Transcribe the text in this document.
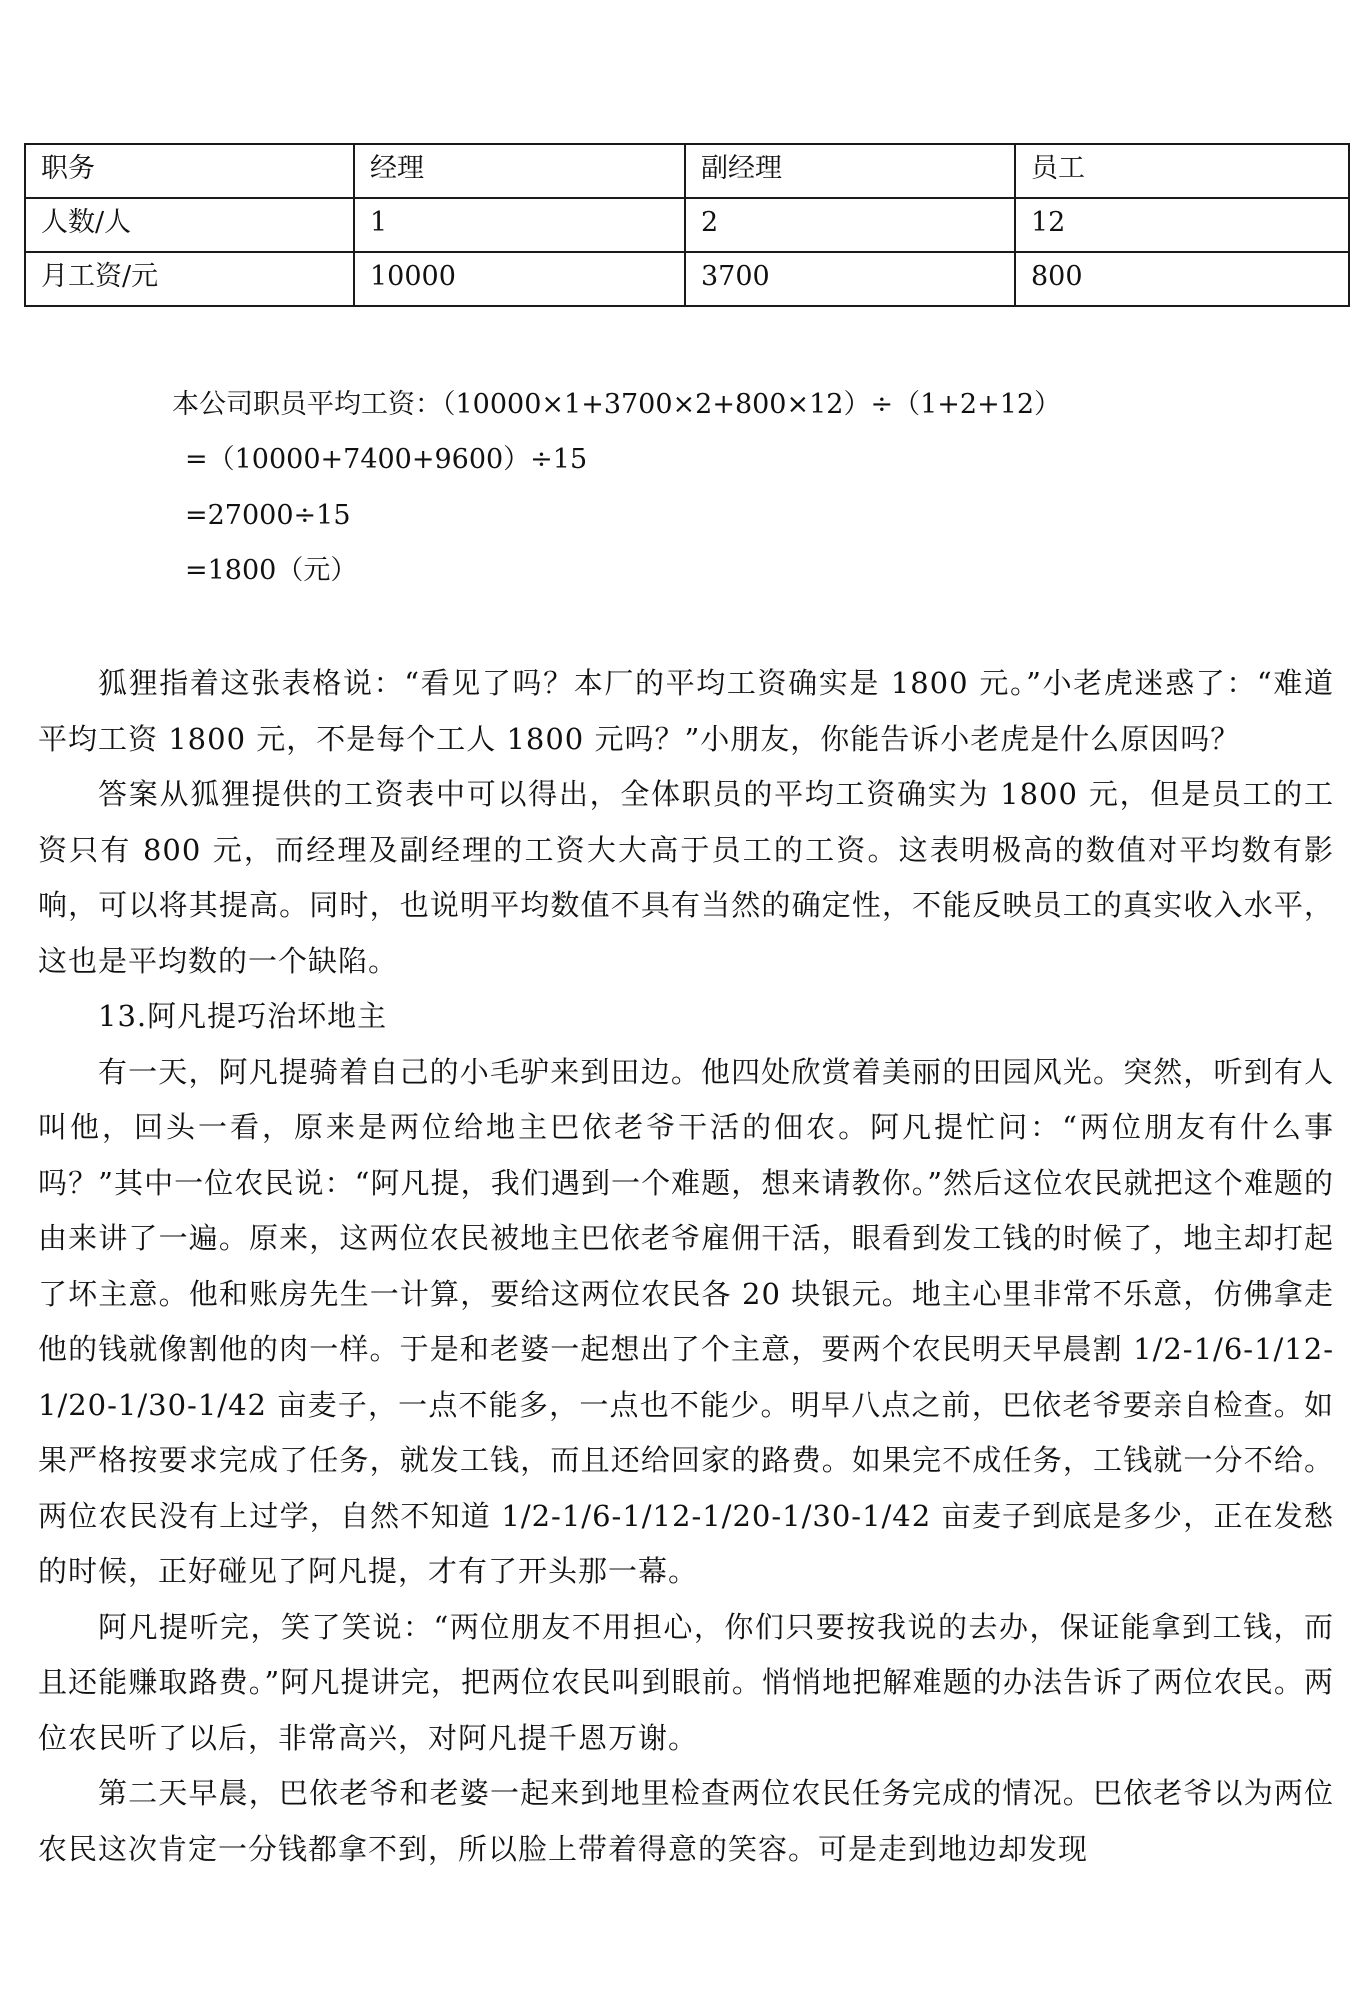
职务	经理	副经理	员工
人数/人	1	2	12
月工资/元	10000	3700	800
本公司职员平均工资：（10000×1+3700×2+800×12）÷（1+2+12）
=（10000+7400+9600）÷15
=27000÷15
=1800（元）

狐狸指着这张表格说：“看见了吗？本厂的平均工资确实是 1800 元。”小老虎迷惑了：“难道平均工资 1800 元，不是每个工人 1800 元吗？”小朋友，你能告诉小老虎是什么原因吗？

答案从狐狸提供的工资表中可以得出，全体职员的平均工资确实为 1800 元，但是员工的工资只有 800 元，而经理及副经理的工资大大高于员工的工资。这表明极高的数值对平均数有影响，可以将其提高。同时，也说明平均数值不具有当然的确定性，不能反映员工的真实收入水平，这也是平均数的一个缺陷。

13.阿凡提巧治坏地主

有一天，阿凡提骑着自己的小毛驴来到田边。他四处欣赏着美丽的田园风光。突然，听到有人叫他，回头一看，原来是两位给地主巴依老爷干活的佃农。阿凡提忙问：“两位朋友有什么事吗？”其中一位农民说：“阿凡提，我们遇到一个难题，想来请教你。”然后这位农民就把这个难题的由来讲了一遍。原来，这两位农民被地主巴依老爷雇佣干活，眼看到发工钱的时候了，地主却打起了坏主意。他和账房先生一计算，要给这两位农民各 20 块银元。地主心里非常不乐意，仿佛拿走他的钱就像割他的肉一样。于是和老婆一起想出了个主意，要两个农民明天早晨割 1/2-1/6-1/12-1/20-1/30-1/42 亩麦子，一点不能多，一点也不能少。明早八点之前，巴依老爷要亲自检查。如果严格按要求完成了任务，就发工钱，而且还给回家的路费。如果完不成任务，工钱就一分不给。两位农民没有上过学，自然不知道 1/2-1/6-1/12-1/20-1/30-1/42 亩麦子到底是多少，正在发愁的时候，正好碰见了阿凡提，才有了开头那一幕。

阿凡提听完，笑了笑说：“两位朋友不用担心，你们只要按我说的去办，保证能拿到工钱，而且还能赚取路费。”阿凡提讲完，把两位农民叫到眼前。悄悄地把解难题的办法告诉了两位农民。两位农民听了以后，非常高兴，对阿凡提千恩万谢。

第二天早晨，巴依老爷和老婆一起来到地里检查两位农民任务完成的情况。巴依老爷以为两位农民这次肯定一分钱都拿不到，所以脸上带着得意的笑容。可是走到地边却发现
